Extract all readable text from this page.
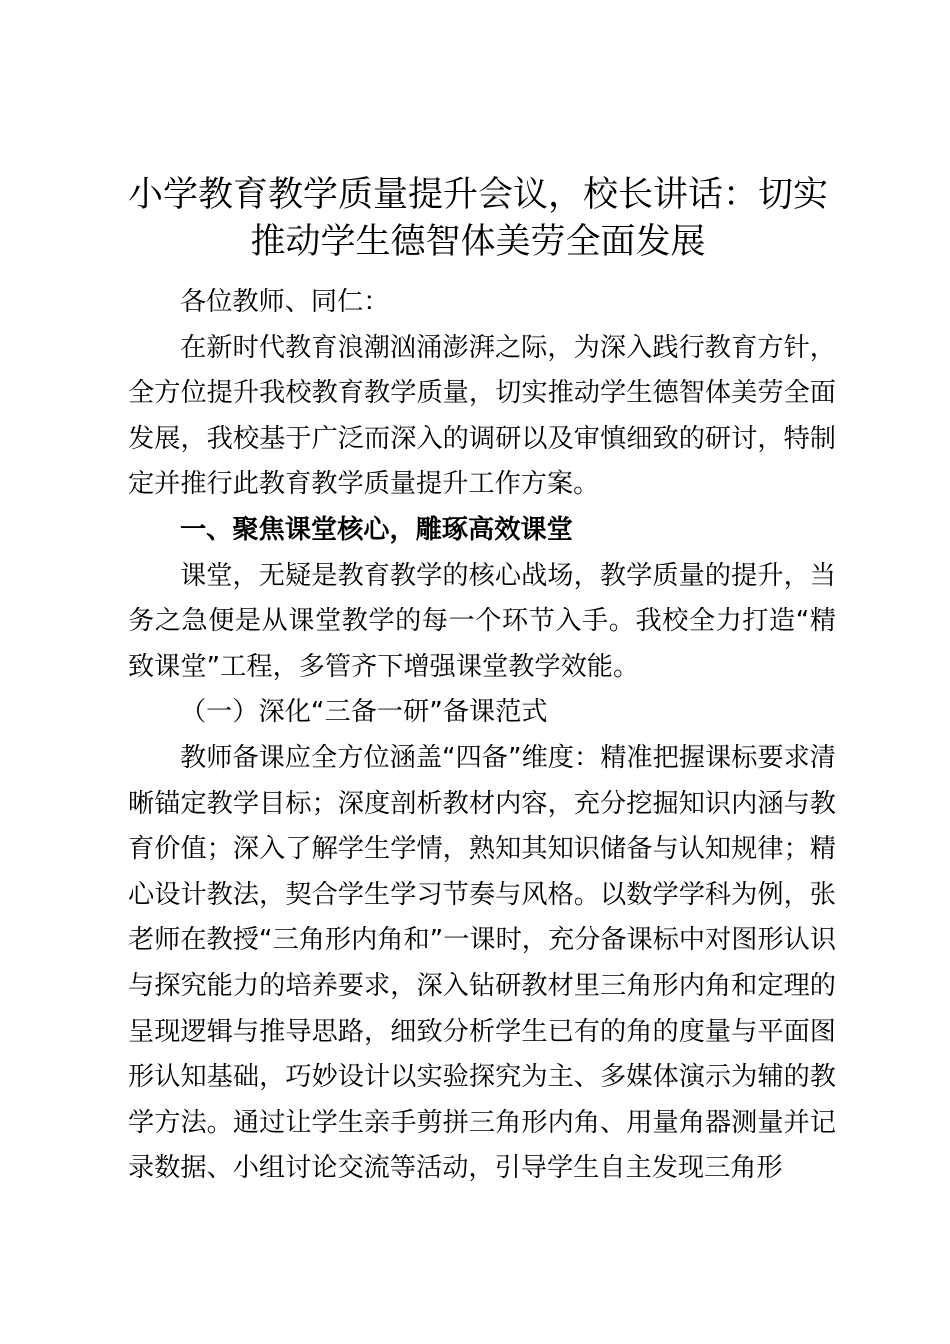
小学教育教学质量提升会议，校长讲话：切实推动学生德智体美劳全面发展

各位教师、同仁：

在新时代教育浪潮汹涌澎湃之际，为深入践行教育方针，全方位提升我校教育教学质量，切实推动学生德智体美劳全面发展，我校基于广泛而深入的调研以及审慎细致的研讨，特制定并推行此教育教学质量提升工作方案。

一、聚焦课堂核心，雕琢高效课堂

课堂，无疑是教育教学的核心战场，教学质量的提升，当务之急便是从课堂教学的每一个环节入手。我校全力打造“精致课堂”工程，多管齐下增强课堂教学效能。

（一）深化“三备一研”备课范式

教师备课应全方位涵盖“四备”维度：精准把握课标要求清晰锚定教学目标；深度剖析教材内容，充分挖掘知识内涵与教育价值；深入了解学生学情，熟知其知识储备与认知规律；精心设计教法，契合学生学习节奏与风格。以数学学科为例，张老师在教授“三角形内角和”一课时，充分备课标中对图形认识与探究能力的培养要求，深入钻研教材里三角形内角和定理的呈现逻辑与推导思路，细致分析学生已有的角的度量与平面图形认知基础，巧妙设计以实验探究为主、多媒体演示为辅的教学方法。通过让学生亲手剪拼三角形内角、用量角器测量并记录数据、小组讨论交流等活动，引导学生自主发现三角形
